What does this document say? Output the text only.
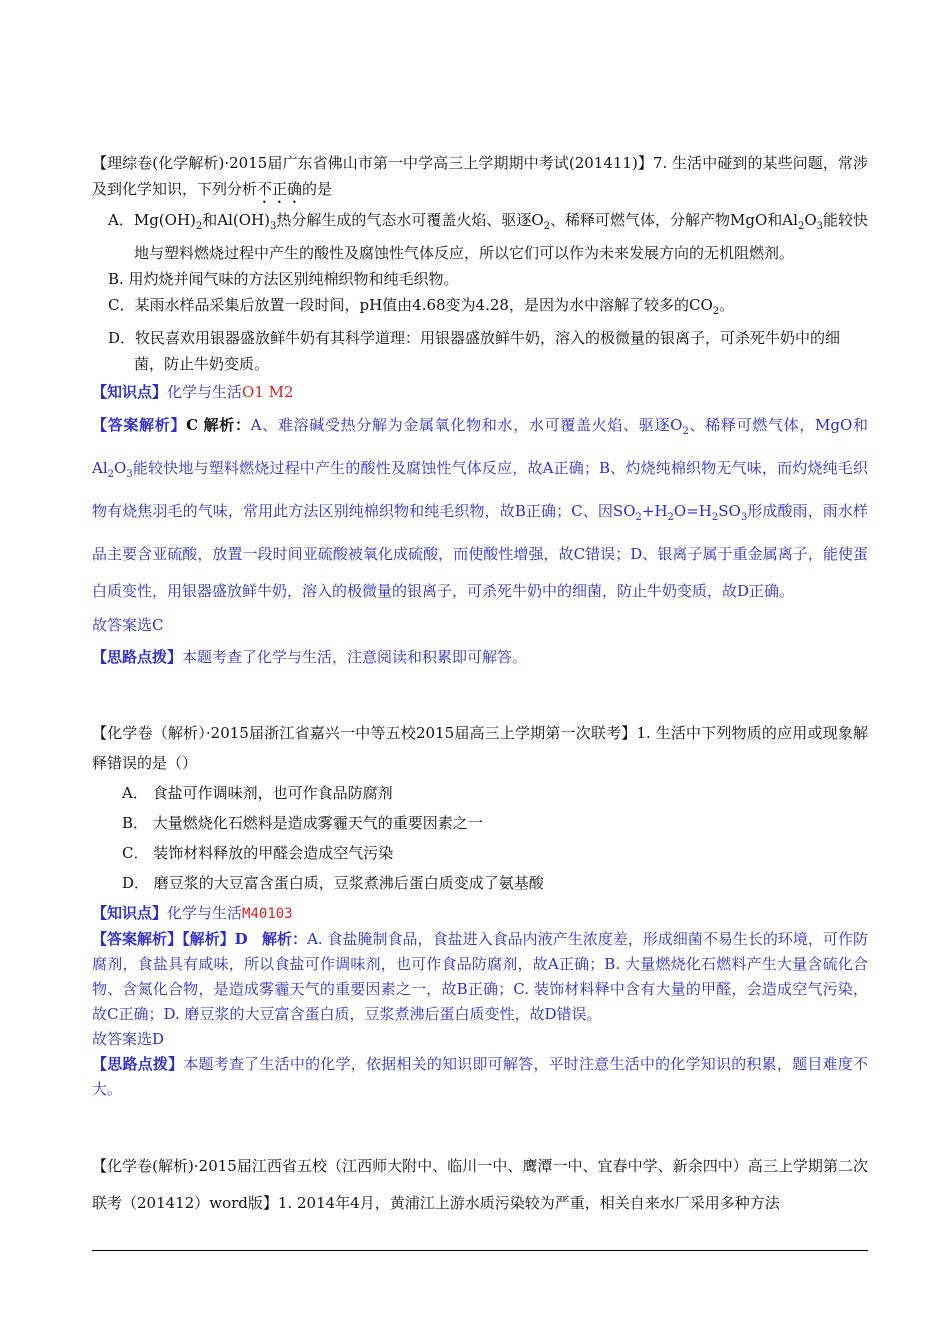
【理综卷(化学解析)·2015届广东省佛山市第一中学高三上学期期中考试(201411)】7. 生活中碰到的某些问题，常涉及到化学知识，下列分析不正确的是

A．$Mg(OH)_2$和$Al(OH)_3$热分解生成的气态水可覆盖火焰、驱逐$O_2$、稀释可燃气体，分解产物MgO和$Al_2O_3$能较快地与塑料燃烧过程中产生的酸性及腐蚀性气体反应，所以它们可以作为未来发展方向的无机阻燃剂。

B. 用灼烧并闻气味的方法区别纯棉织物和纯毛织物。

C．某雨水样品采集后放置一段时间，pH值由4.68变为4.28，是因为水中溶解了较多的$CO_2$。

D．牧民喜欢用银器盛放鲜牛奶有其科学道理：用银器盛放鲜牛奶，溶入的极微量的银离子，可杀死牛奶中的细菌，防止牛奶变质。

【知识点】化学与生活O1 M2

【答案解析】C 解析：A、难溶碱受热分解为金属氧化物和水，水可覆盖火焰、驱逐$O_2$、稀释可燃气体，MgO和$Al_2O_3$能较快地与塑料燃烧过程中产生的酸性及腐蚀性气体反应，故A正确；B、灼烧纯棉织物无气味，而灼烧纯毛织物有烧焦羽毛的气味，常用此方法区别纯棉织物和纯毛织物，故B正确；C、因$SO_2+H_2O=H_2SO_3$形成酸雨，雨水样品主要含亚硫酸，放置一段时间亚硫酸被氧化成硫酸，而使酸性增强，故C错误；D、银离子属于重金属离子，能使蛋白质变性，用银器盛放鲜牛奶，溶入的极微量的银离子，可杀死牛奶中的细菌，防止牛奶变质，故D正确。

故答案选C

【思路点拨】本题考查了化学与生活，注意阅读和积累即可解答。

【化学卷（解析）·2015届浙江省嘉兴一中等五校2015届高三上学期第一次联考】1. 生活中下列物质的应用或现象解释错误的是（）

A． 食盐可作调味剂，也可作食品防腐剂

B． 大量燃烧化石燃料是造成雾霾天气的重要因素之一

C． 装饰材料释放的甲醛会造成空气污染

D． 磨豆浆的大豆富含蛋白质，豆浆煮沸后蛋白质变成了氨基酸

【知识点】化学与生活M40103

【答案解析】【解析】D 解析：A. 食盐腌制食品，食盐进入食品内液产生浓度差，形成细菌不易生长的环境，可作防腐剂，食盐具有咸味，所以食盐可作调味剂，也可作食品防腐剂，故A正确；B. 大量燃烧化石燃料产生大量含硫化合物、含氮化合物，是造成雾霾天气的重要因素之一，故B正确；C. 装饰材料释中含有大量的甲醛，会造成空气污染，故C正确；D. 磨豆浆的大豆富含蛋白质，豆浆煮沸后蛋白质变性，故D错误。

故答案选D

【思路点拨】本题考查了生活中的化学，依据相关的知识即可解答，平时注意生活中的化学知识的积累，题目难度不大。

【化学卷(解析)·2015届江西省五校（江西师大附中、临川一中、鹰潭一中、宜春中学、新余四中）高三上学期第二次联考（201412）word版】1. 2014年4月，黄浦江上游水质污染较为严重，相关自来水厂采用多种方法
